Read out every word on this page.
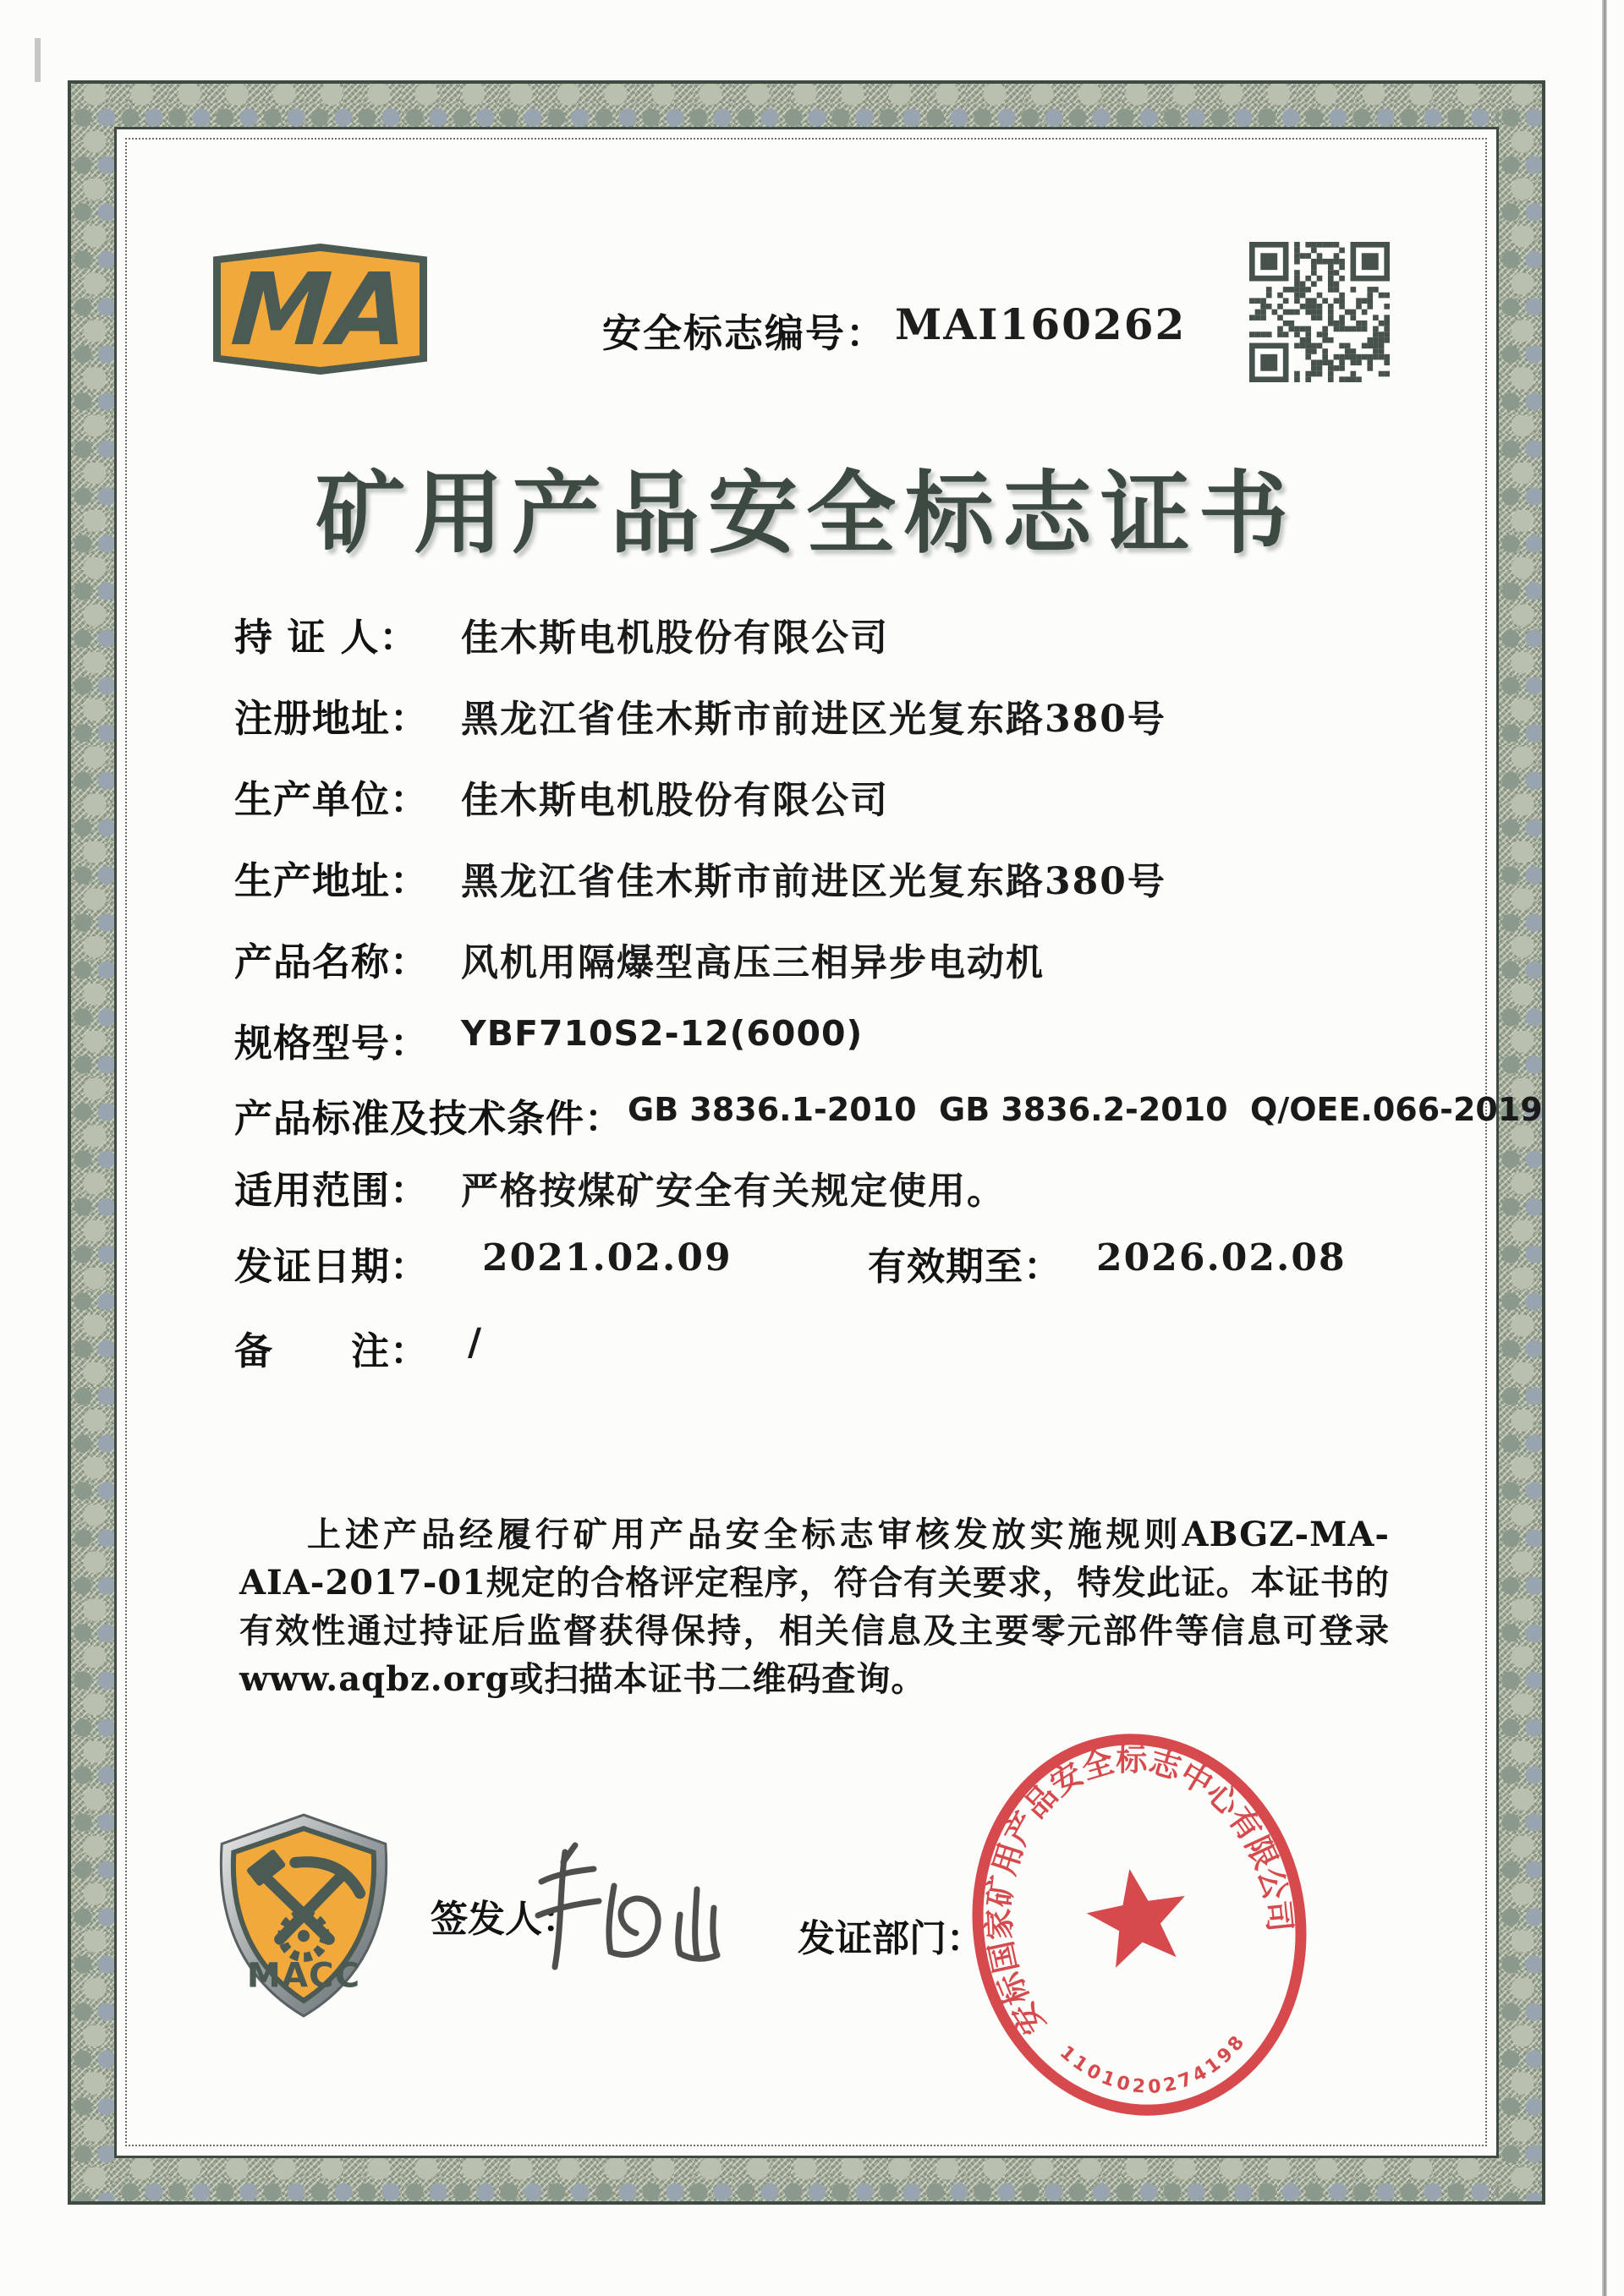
MA	安全标志编号： MAI160262
矿用产品安全标志证书
持 证 人： 佳木斯电机股份有限公司
注册地址： 黑龙江省佳木斯市前进区光复东路380号
生产单位： 佳木斯电机股份有限公司
生产地址： 黑龙江省佳木斯市前进区光复东路380号
产品名称： 风机用隔爆型高压三相异步电动机
规格型号： YBF710S2-12(6000)
产品标准及技术条件： GB 3836.1-2010  GB 3836.2-2010  Q/OEE.066-2019
适用范围： 严格按煤矿安全有关规定使用。
发证日期： 2021.02.09	有效期至： 2026.02.08
备　　注： /
上述产品经履行矿用产品安全标志审核发放实施规则ABGZ-MA-AIA-2017-01规定的合格评定程序，符合有关要求，特发此证。本证书的有效性通过持证后监督获得保持，相关信息及主要零元部件等信息可登录www.aqbz.org或扫描本证书二维码查询。
MACC
签发人：	发证部门：
安标国家矿用产品安全标志中心有限公司
1101020274198
